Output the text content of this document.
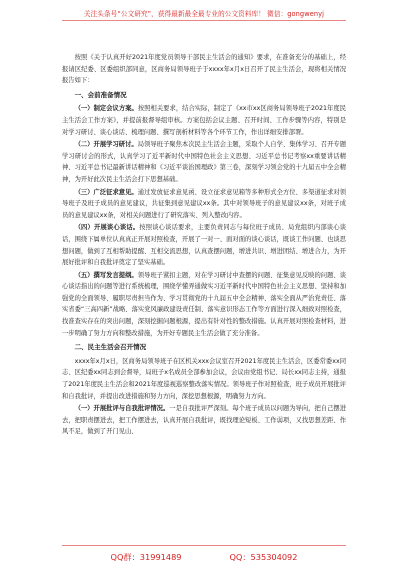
关注头条号“公文研究”，获得最新最全最专业的公文资料库！ 微信：gongwenyj

按照《关于认真开好2021年度党员领导干部民主生活会的通知》要求，在准备充分的基础上，经报请区纪委、区委组织部同意，区商务局领导班子于xxxx年x月x日召开了民主生活会，现将相关情况报告如下：

一、会前准备情况

（一）制定会议方案。按照相关要求，结合实际，制定了《xx市xx区商务局领导班子2021年度民主生活会工作方案》，并提前报督导组审核。方案包括会议主题、召开时间、工作步骤等内容，特别是对学习研讨、谈心谈话、梳理问题、撰写剖析材料等各个环节工作，作出详细安排部署。

（二）开展学习研讨。局领导班子聚焦本次民主生活会主题，采取个人自学、集体学习、召开专题学习研讨会的形式，认真学习了近平新时代中国特色社会主义思想、习近平总书记考察xx重要讲话精神、习近平总书记最新讲话精神和《习近平谈治国理政》第三卷，深刻学习领会党的十九届五中全会精神，为开好此次民主生活会打下思想基础。

（三）广泛征求意见。通过发放征求意见函、设立征求意见箱等多种形式全方位、多渠道征求对领导班子及班子成员的意见建议，共征集到意见建议xx条。其中对领导班子的意见建议xx条，对班子成员的意见建议xx条，对相关问题进行了研究落实、列入整改内容。

（四）开展谈心谈话。按照谈心谈话要求，主要负责同志与每位班子成员、局党组织内部谈心谈话，围绕下属单位认真真正开展对照检查，开展了一对一、面对面的谈心谈话，既谈工作问题、也谈思想问题，做到了互相帮助提醒、互相交流思想，认真查摆问题，增进共识、增进团结、增进合力，为开展好批评和自我批评奠定了坚实基础。

（五）撰写发言提纲。领导班子紧扣主题，对在学习研讨中查摆的问题、征集意见反映的问题、谈心谈话指出的问题等进行系统梳理，围绕学懂弄通做实习近平新时代中国特色社会主义思想、坚持和加强党的全面领导、履职尽责担当作为、学习贯彻党的十九届五中全会精神、落实全面从严治党责任、落实省委“三高四新”战略、落实党风廉政建设责任制、落实意识形态工作等方面进行深入细致对照检查，找准查实存在的突出问题，深刻挖掘问题根源，提出有针对性的整改措施。认真开展对照检查材料，进一步明确了努力方向和整改措施，为开好专题民主生活会做了充分准备。

二、民主生活会召开情况

xxxx年x月x日，区商务局领导班子在区机关xxx会议室召开2021年度民主生活会，区委常委xx同志、区纪委xx同志到会督导，局班子x名成员全部参加会议，会议由党组书记、局长xx同志主持，通报了2021年度民主生活会和2021年度巡视巡察整改落实情况。领导班子作对照检查，班子成员开展批评和自我批评，并提出改进措施和努力方向，深挖思想根源，明确努力方向。

（一）开展批评与自我批评情况。一是自我批评严深刻。每个班子成员以问题为导向，把自己摆进去，把职责摆进去，把工作摆进去，认真开展自我批评，既找理论短板、工作弱项，又找思想差距、作风不足，做到了开门见山、

QQ群：31991489	QQ：535304092
